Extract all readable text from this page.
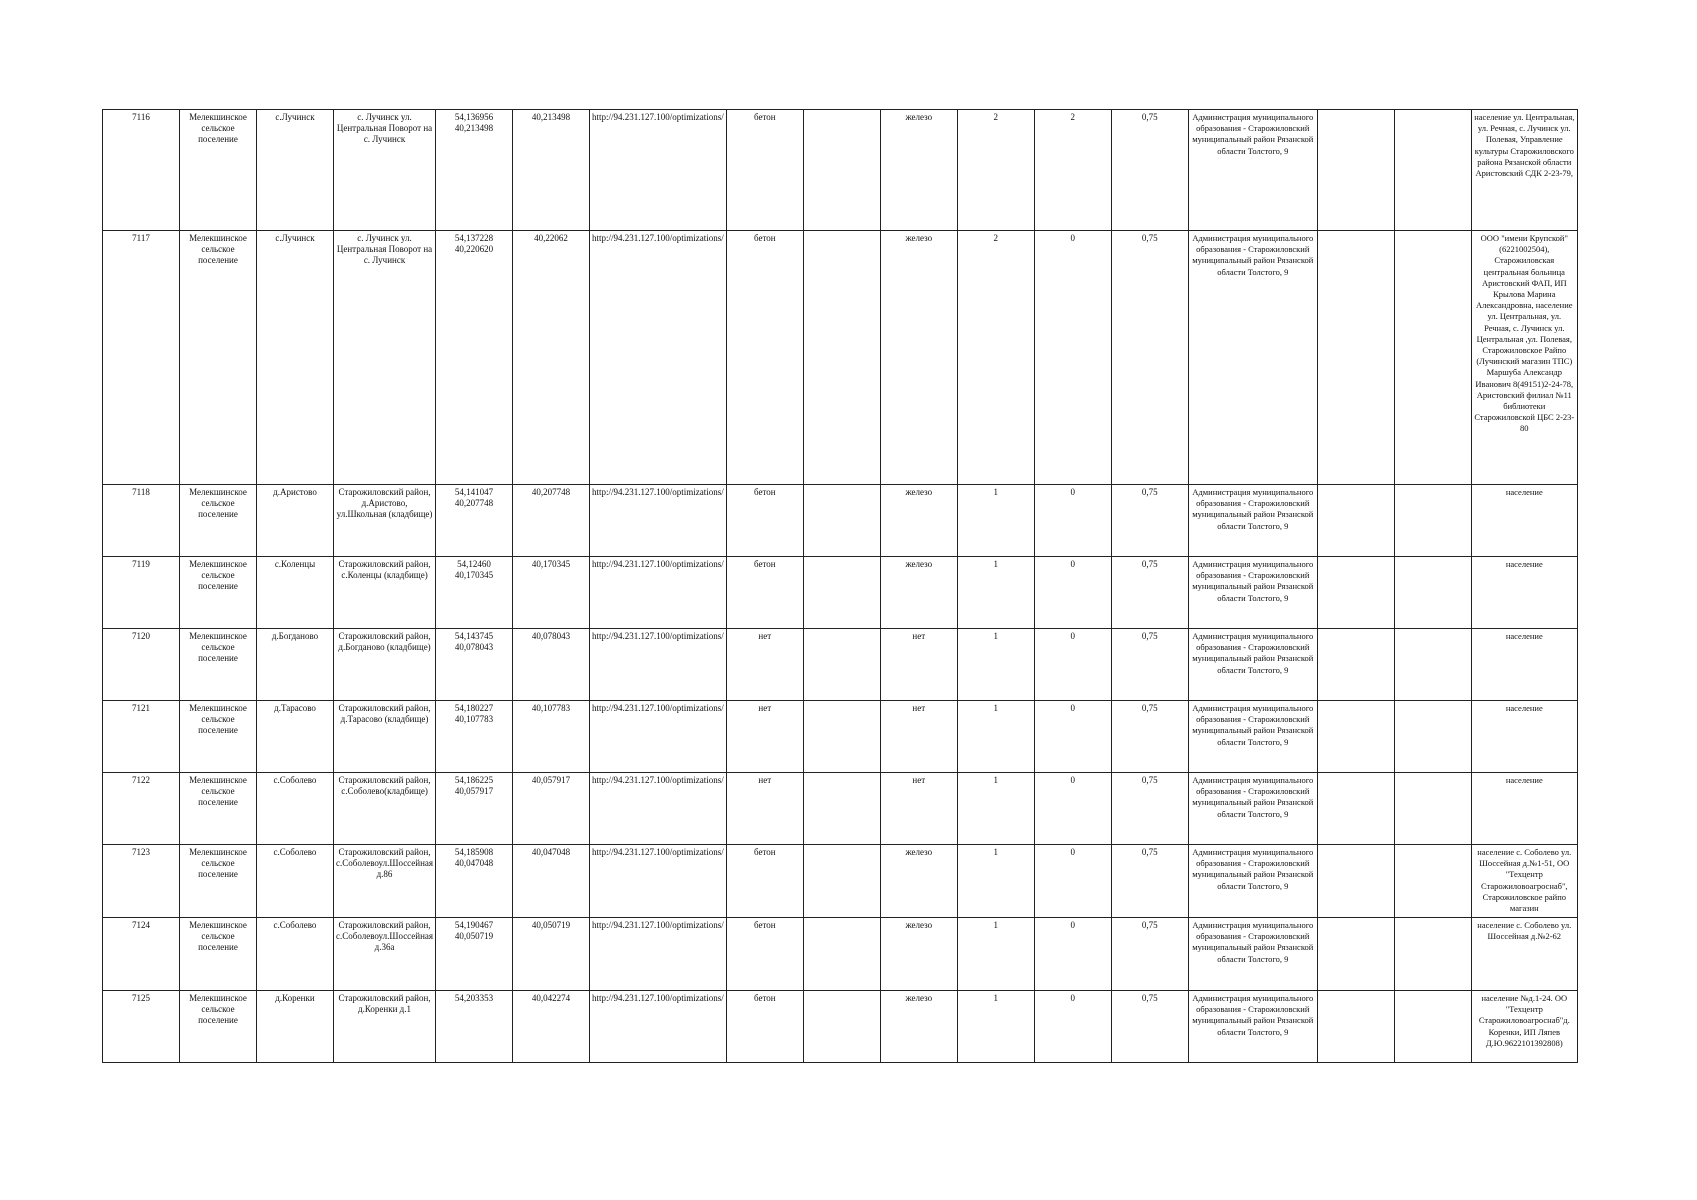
7116	Мелекшинское сельское поселение	с.Лучинск	с. Лучинск ул. Центральная Поворот на с. Лучинск	54,136956 40,213498	40,213498	http://94.231.127.100/optimizations/	бетон		железо	2	2	0,75	Администрация муниципального образования - Старожиловский муниципальный район Рязанской области Толстого, 9			население ул. Центральная, ул. Речная, с. Лучинск ул. Полевая, Управление культуры Старожиловского района Рязанской области Аристовский СДК 2-23-79,
7117	Мелекшинское сельское поселение	с.Лучинск	с. Лучинск ул. Центральная Поворот на с. Лучинск	54,137228 40,220620	40,22062	http://94.231.127.100/optimizations/	бетон		железо	2	0	0,75	Администрация муниципального образования - Старожиловский муниципальный район Рязанской области Толстого, 9			ООО "имени Крупской" (6221002504), Старожиловская центральная больница Аристовский ФАП, ИП Крылова Марина Александровна, население ул. Центральная, ул. Речная, с. Лучинск ул. Центральная ,ул. Полевая, Старожиловское Райпо (Лучинский магазин ТПС) Маршуба Александр Иванович 8(49151)2-24-78, Аристовский филиал №11 библиотеки Старожиловской ЦБС 2-23-80
7118	Мелекшинское сельское поселение	д.Аристово	Старожиловский район, д.Аристово, ул.Школьная (кладбище)	54,141047 40,207748	40,207748	http://94.231.127.100/optimizations/	бетон		железо	1	0	0,75	Администрация муниципального образования - Старожиловский муниципальный район Рязанской области Толстого, 9			население
7119	Мелекшинское сельское поселение	с.Коленцы	Старожиловский район, с.Коленцы (кладбище)	54,12460 40,170345	40,170345	http://94.231.127.100/optimizations/	бетон		железо	1	0	0,75	Администрация муниципального образования - Старожиловский муниципальный район Рязанской области Толстого, 9			население
7120	Мелекшинское сельское поселение	д.Богданово	Старожиловский район, д.Богданово (кладбище)	54,143745 40,078043	40,078043	http://94.231.127.100/optimizations/	нет		нет	1	0	0,75	Администрация муниципального образования - Старожиловский муниципальный район Рязанской области Толстого, 9			население
7121	Мелекшинское сельское поселение	д.Тарасово	Старожиловский район, д.Тарасово (кладбище)	54,180227 40,107783	40,107783	http://94.231.127.100/optimizations/	нет		нет	1	0	0,75	Администрация муниципального образования - Старожиловский муниципальный район Рязанской области Толстого, 9			население
7122	Мелекшинское сельское поселение	с.Соболево	Старожиловский район, с.Соболево(кладбище)	54,186225 40,057917	40,057917	http://94.231.127.100/optimizations/	нет		нет	1	0	0,75	Администрация муниципального образования - Старожиловский муниципальный район Рязанской области Толстого, 9			население
7123	Мелекшинское сельское поселение	с.Соболево	Старожиловский район, с.Соболевоул.Шоссейная д.86	54,185908 40,047048	40,047048	http://94.231.127.100/optimizations/	бетон		железо	1	0	0,75	Администрация муниципального образования - Старожиловский муниципальный район Рязанской области Толстого, 9			население с. Соболево ул. Шоссейная д.№1-51, ОО "Техцентр Старожиловоагроснаб", Старожиловское райпо магазин
7124	Мелекшинское сельское поселение	с.Соболево	Старожиловский район, с.Соболевоул.Шоссейная д.36а	54,190467 40,050719	40,050719	http://94.231.127.100/optimizations/	бетон		железо	1	0	0,75	Администрация муниципального образования - Старожиловский муниципальный район Рязанской области Толстого, 9			население с. Соболево ул. Шоссейная д.№2-62
7125	Мелекшинское сельское поселение	д.Коренки	Старожиловский район, д.Коренки д.1	54,203353	40,042274	http://94.231.127.100/optimizations/	бетон		железо	1	0	0,75	Администрация муниципального образования - Старожиловский муниципальный район Рязанской области Толстого, 9			население №д.1-24. ОО "Техцентр Старожиловоагроснаб"д. Коренки, ИП Ляпев Д.Ю.9622101392808)
